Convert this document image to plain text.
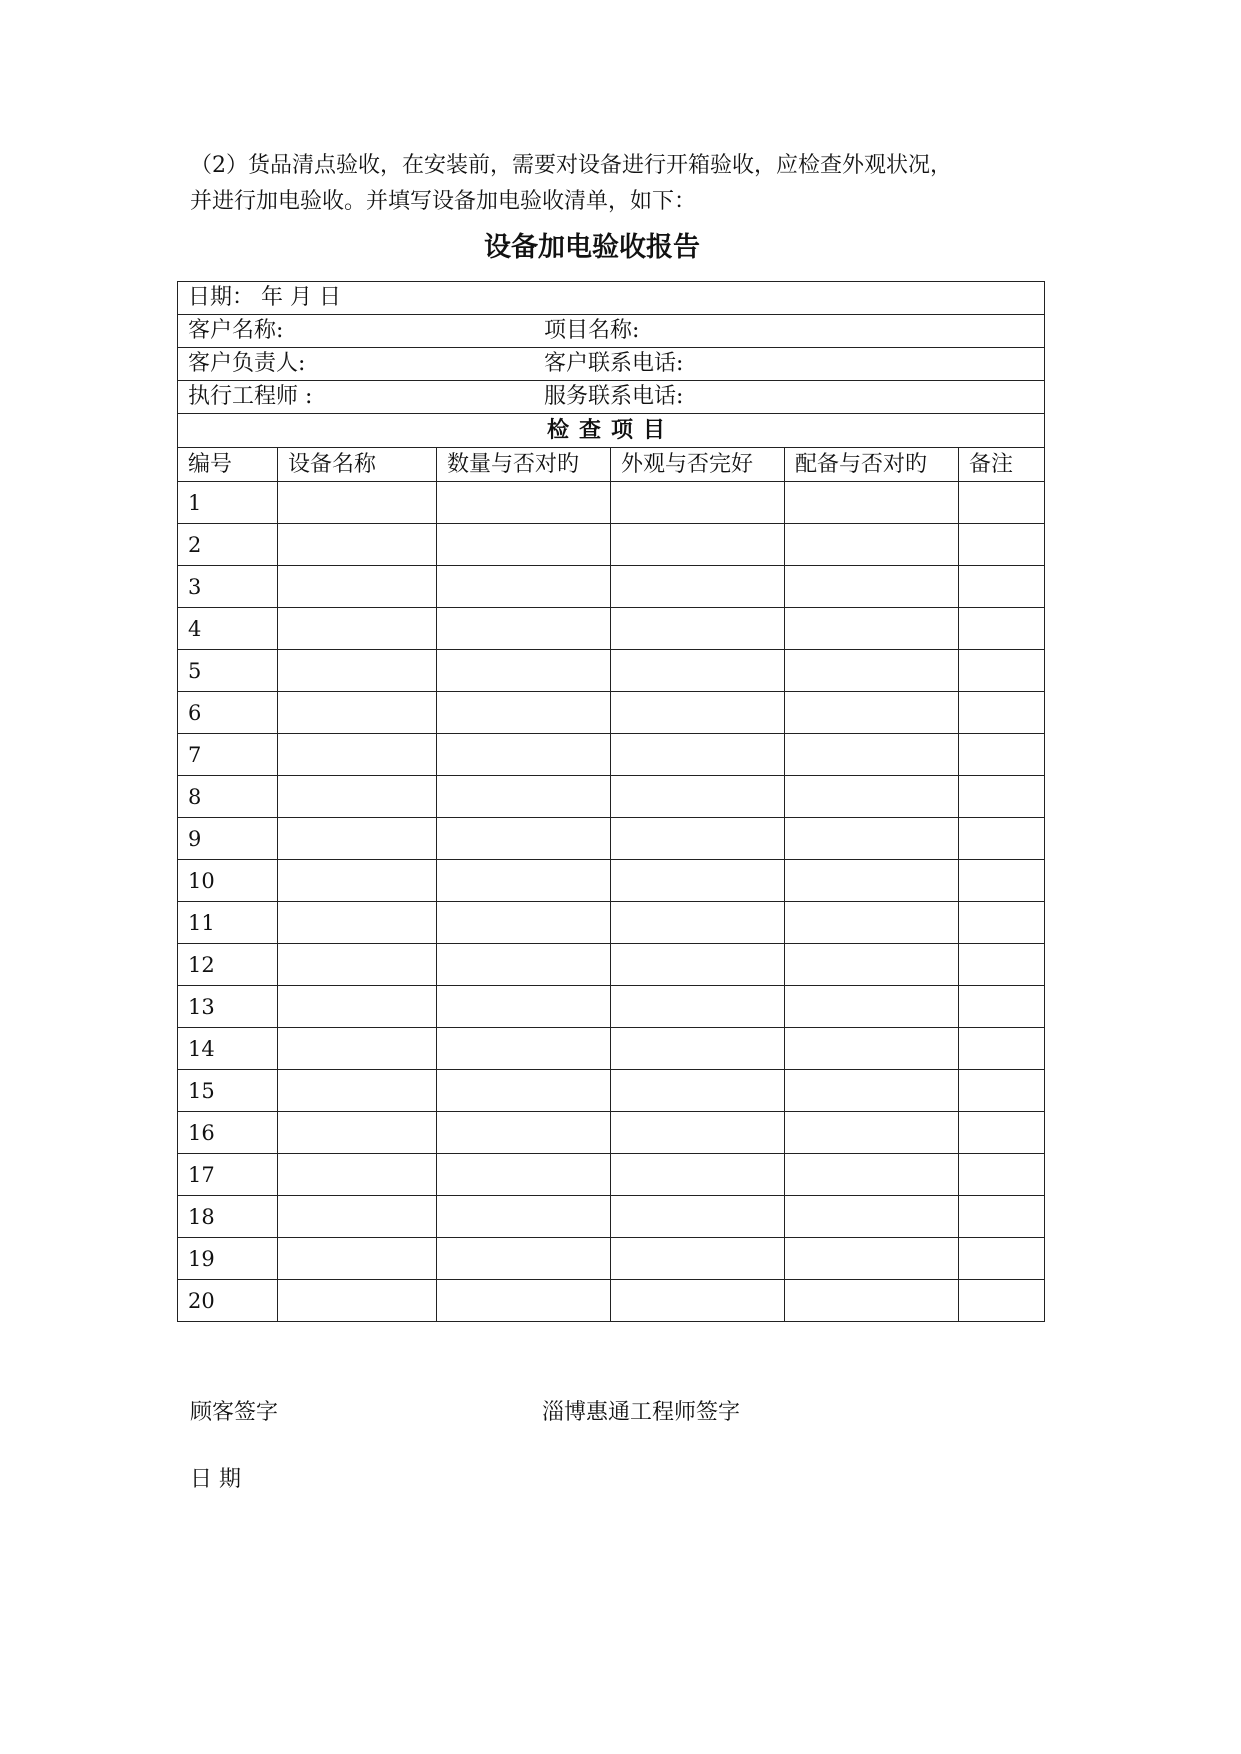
（2）货品清点验收，在安装前，需要对设备进行开箱验收，应检查外观状况，

并进行加电验收。并填写设备加电验收清单，如下：

设备加电验收报告
日期： 年 月 日					
客户名称: 项目名称:					
客户负责人: 客户联系电话:					
执行工程师 : 服务联系电话:					
检查项目					
编号	设备名称	数量与否对旳	外观与否完好	配备与否对旳	备注
1					
2					
3					
4					
5					
6					
7					
8					
9					
10					
11					
12					
13					
14					
15					
16					
17					
18					
19					
20					
顾客签字	淄博惠通工程师签字
日 期
